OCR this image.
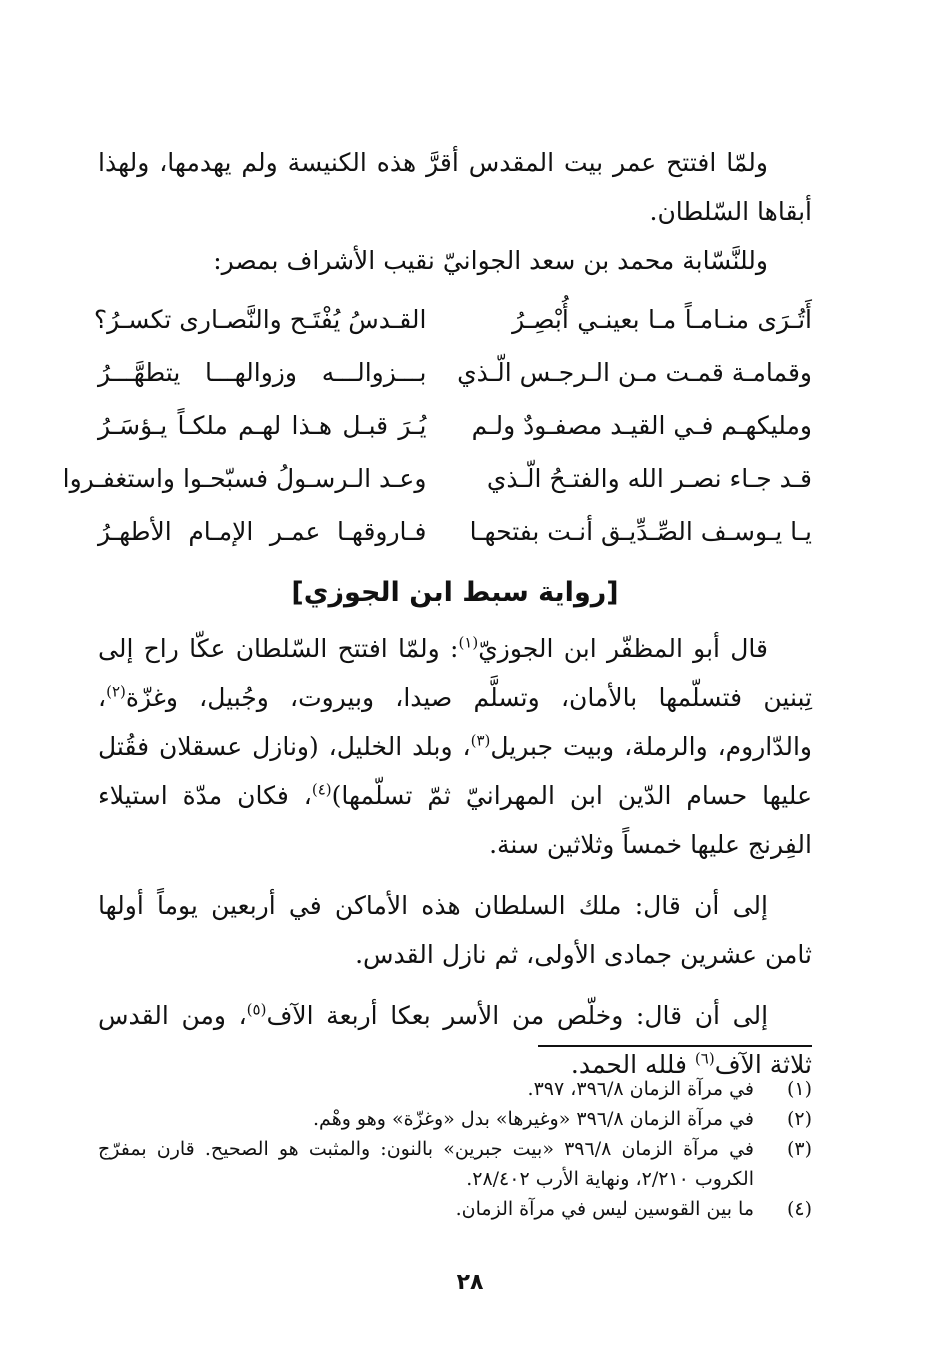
ولمّا افتتح عمر بيت المقدس أقرَّ هذه الكنيسة ولم يهدمها، ولهذا أبقاها السّلطان.

وللنَّسّابة محمد بن سعد الجوانيّ نقيب الأشراف بمصر:

أَتُـرَى منـامـاً مـا بعينـي أُبْصِـرُ
القـدسُ يُفْتَـح والنَّصـارى تكسـرُ؟
وقمامـة قمـت مـن الـرجـس الّـذي
بـــزوالـــه وزوالهـــا يتطهَّـــرُ
ومليكهـم فـي القيـد مصفـودٌ ولـم
يُـرَ قبـل هـذا لهـم ملكـاً يـؤسَـرُ
قـد جـاء نصـر الله والفتـحُ الّـذي
وعـد الـرسـولُ فسبّحـوا واستغفـروا
يـا يـوسـف الصِّـدِّيـق أنـت بفتحهـا
فـاروقهـا عمـر الإمـام الأطهـرُ
[رواية سبط ابن الجوزي]

قال أبو المظفّر ابن الجوزيّ$^{(١)}$: ولمّا افتتح السّلطان عكّا راح إلى تِبنين فتسلّمها بالأمان، وتسلَّم صيدا، وبيروت، وجُبيل، وغزّة$^{(٢)}$، والدّاروم، والرملة، وبيت جبريل$^{(٣)}$، وبلد الخليل، (ونازل عسقلان فقُتل عليها حسام الدّين ابن المهرانيّ ثمّ تسلّمها)$^{(٤)}$، فكان مدّة استيلاء الفِرنج عليها خمساً وثلاثين سنة.

إلى أن قال: ملك السلطان هذه الأماكن في أربعين يوماً أولها ثامن عشرين جمادى الأولى، ثم نازل القدس.

إلى أن قال: وخلّص من الأسر بعكا أربعة الآف$^{(٥)}$، ومن القدس ثلاثة الآف$^{(٦)}$ فلله الحمد.

(١)
في مرآة الزمان ٣٩٦/٨، ٣٩٧.
(٢)
في مرآة الزمان ٣٩٦/٨ «وغيرها» بدل «وغزّة» وهو وهْم.
(٣)
في مرآة الزمان ٣٩٦/٨ «بيت جبرين» بالنون: والمثبت هو الصحيح. قارن بمفرّج الكروب ٢/٢١٠، ونهاية الأرب ٢٨/٤٠٢.
(٤)
ما بين القوسين ليس في مرآة الزمان.
٢٨
